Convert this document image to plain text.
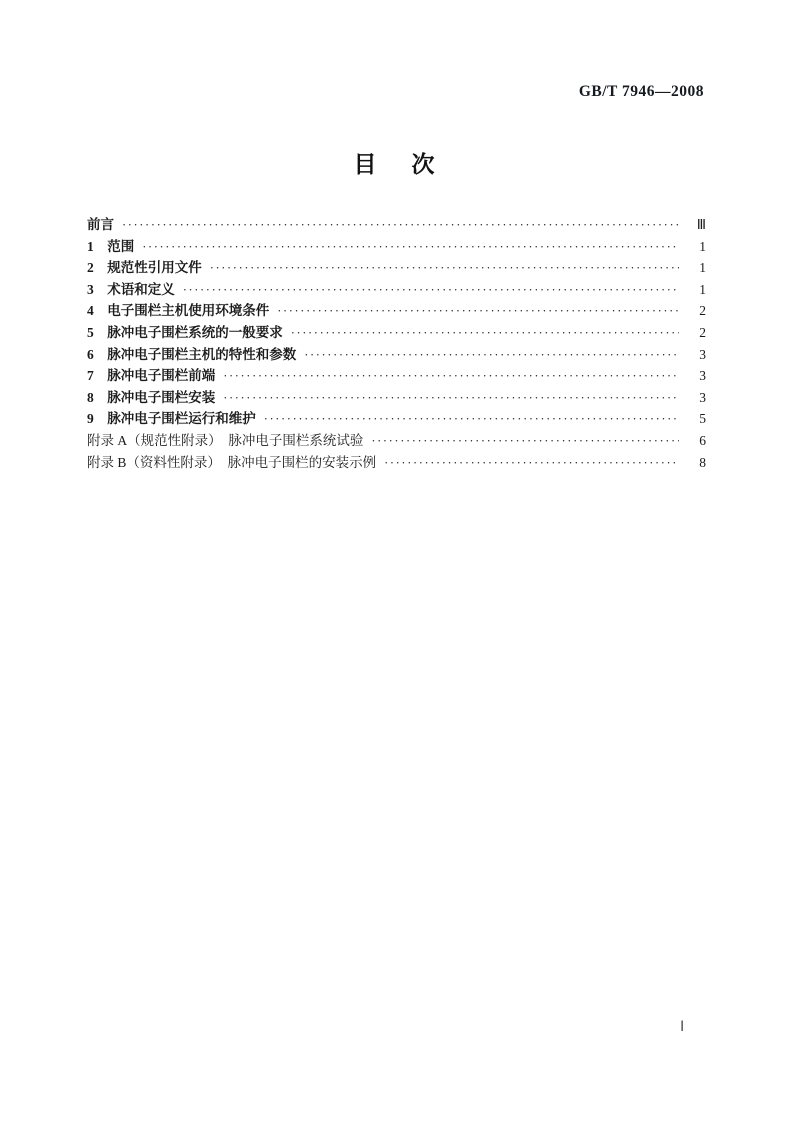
GB/T 7946—2008
目　次
前言 ·····	Ⅲ
1　范围 ·····	1
2　规范性引用文件 ·····	1
3　术语和定义 ·····	1
4　电子围栏主机使用环境条件 ·····	2
5　脉冲电子围栏系统的一般要求 ·····	2
6　脉冲电子围栏主机的特性和参数 ·····	3
7　脉冲电子围栏前端 ·····	3
8　脉冲电子围栏安装 ·····	3
9　脉冲电子围栏运行和维护 ·····	5
附录 A（规范性附录）　脉冲电子围栏系统试验 ·····	6
附录 B（资料性附录）　脉冲电子围栏的安装示例 ·····	8
Ⅰ
